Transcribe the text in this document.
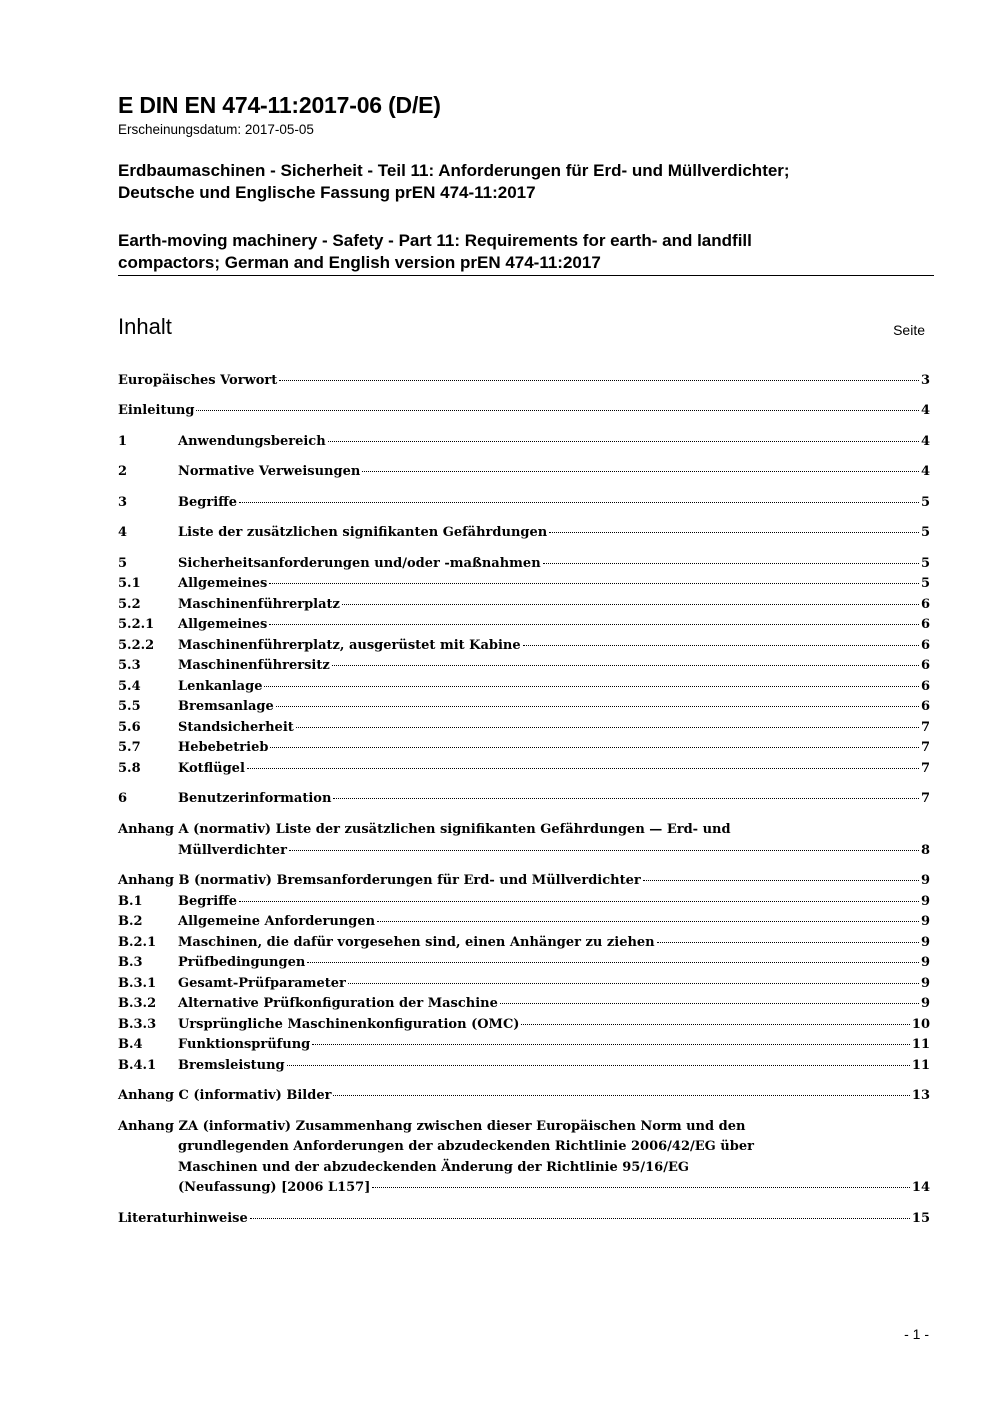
E DIN EN 474-11:2017-06 (D/E)
Erscheinungsdatum: 2017-05-05
Erdbaumaschinen - Sicherheit - Teil 11: Anforderungen für Erd- und Müllverdichter;
Deutsche und Englische Fassung prEN 474-11:2017
Earth-moving machinery - Safety - Part 11: Requirements for earth- and landfill
compactors; German and English version prEN 474-11:2017
Inhalt	Seite
Europäisches Vorwort	3
Einleitung	4
1	Anwendungsbereich	4
2	Normative Verweisungen	4
3	Begriffe	5
4	Liste der zusätzlichen signifikanten Gefährdungen	5
5	Sicherheitsanforderungen und/oder -maßnahmen	5
5.1	Allgemeines	5
5.2	Maschinenführerplatz	6
5.2.1	Allgemeines	6
5.2.2	Maschinenführerplatz, ausgerüstet mit Kabine	6
5.3	Maschinenführersitz	6
5.4	Lenkanlage	6
5.5	Bremsanlage	6
5.6	Standsicherheit	7
5.7	Hebebetrieb	7
5.8	Kotflügel	7
6	Benutzerinformation	7
Anhang A (normativ) Liste der zusätzlichen signifikanten Gefährdungen — Erd- und
Müllverdichter	8
Anhang B (normativ) Bremsanforderungen für Erd- und Müllverdichter	9
B.1	Begriffe	9
B.2	Allgemeine Anforderungen	9
B.2.1	Maschinen, die dafür vorgesehen sind, einen Anhänger zu ziehen	9
B.3	Prüfbedingungen	9
B.3.1	Gesamt-Prüfparameter	9
B.3.2	Alternative Prüfkonfiguration der Maschine	9
B.3.3	Ursprüngliche Maschinenkonfiguration (OMC)	10
B.4	Funktionsprüfung	11
B.4.1	Bremsleistung	11
Anhang C (informativ) Bilder	13
Anhang ZA (informativ) Zusammenhang zwischen dieser Europäischen Norm und den
grundlegenden Anforderungen der abzudeckenden Richtlinie 2006/42/EG über
Maschinen und der abzudeckenden Änderung der Richtlinie 95/16/EG
(Neufassung) [2006 L157]	14
Literaturhinweise	15
- 1 -
